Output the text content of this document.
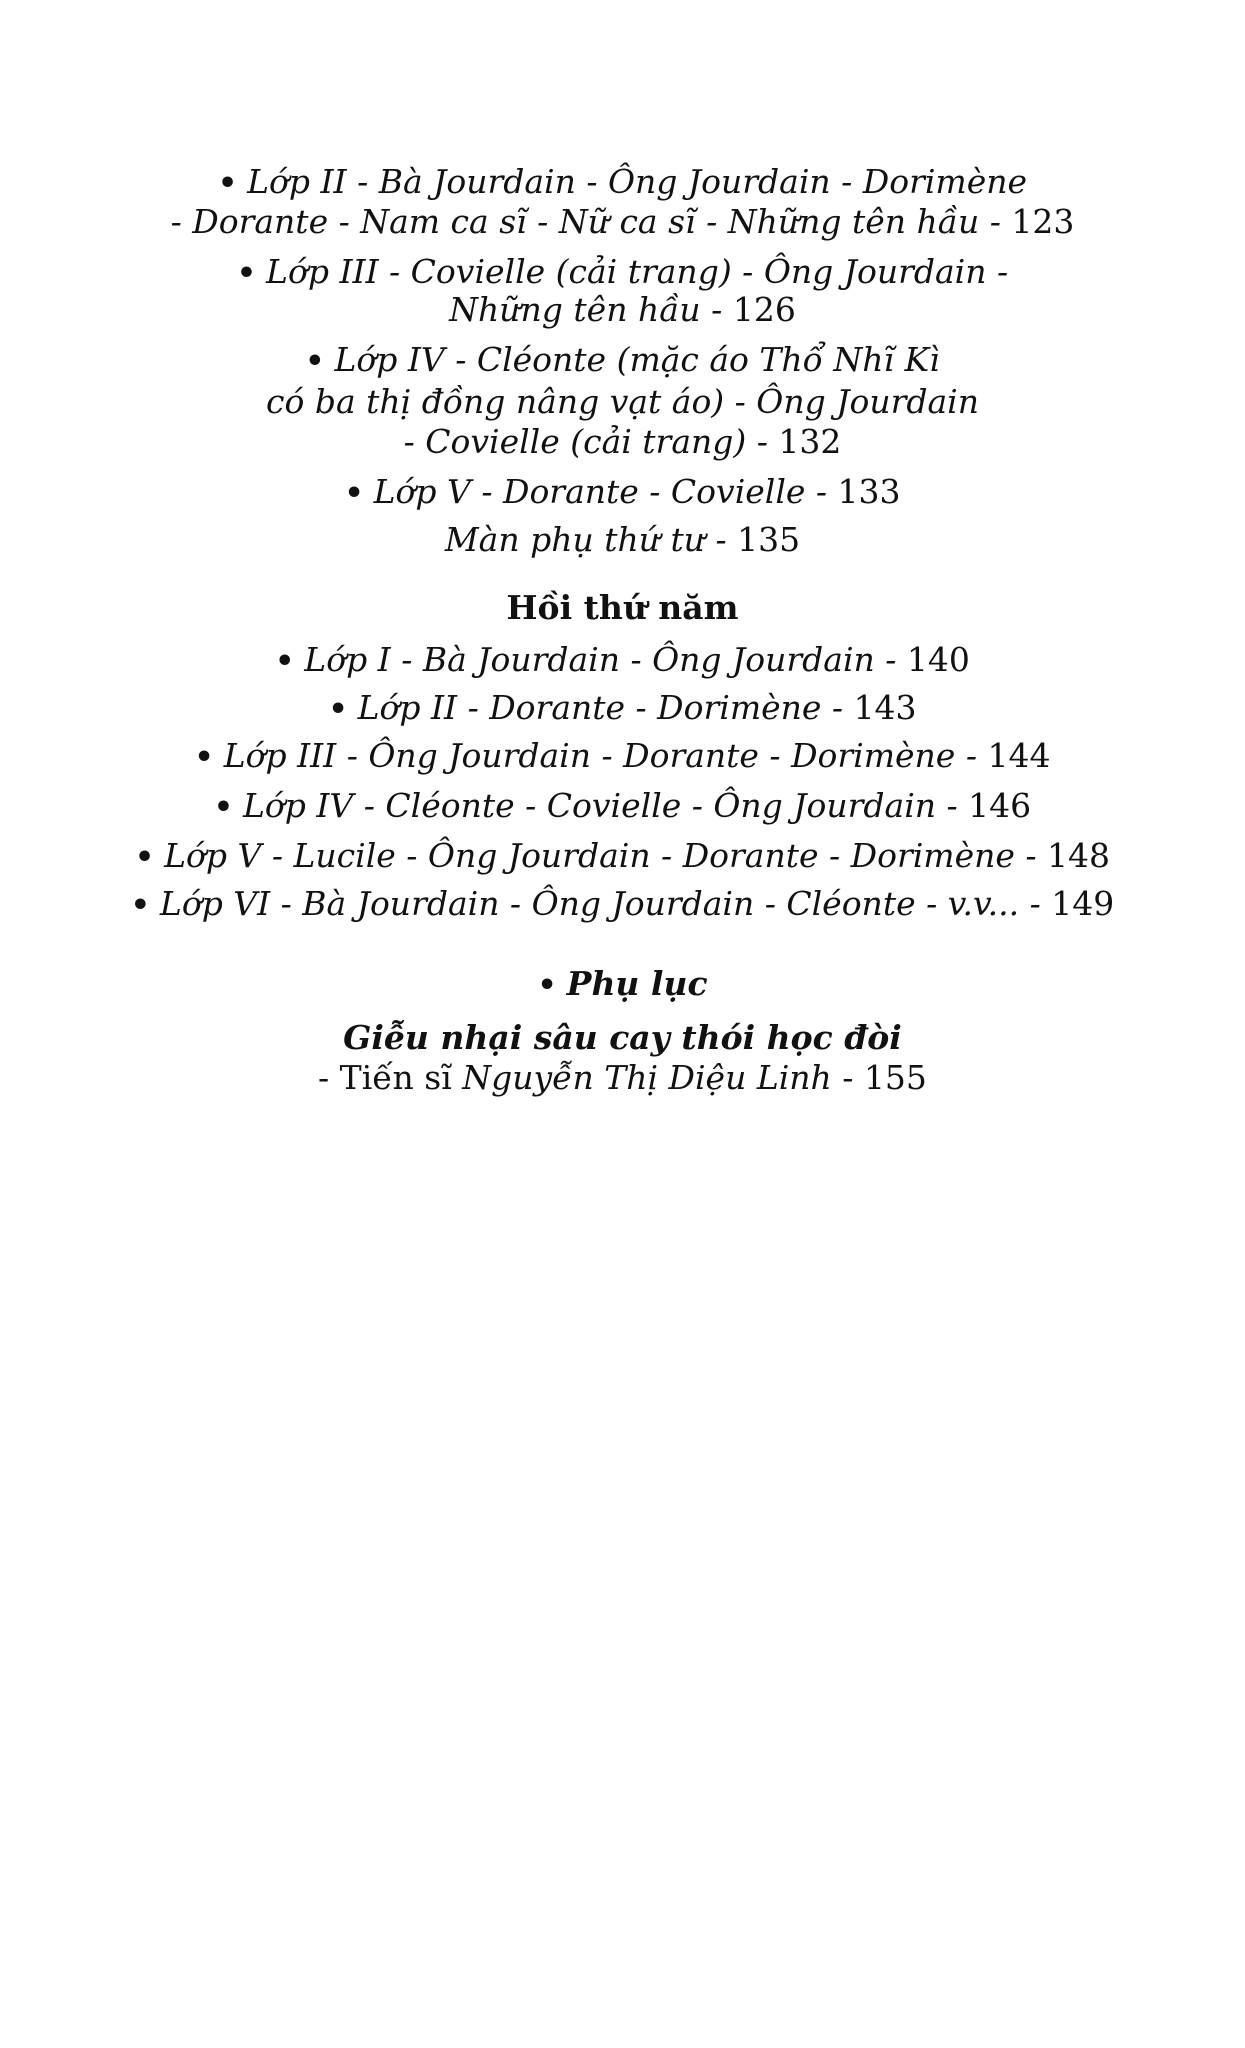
• Lớp II - Bà Jourdain - Ông Jourdain - Dorimène
- Dorante - Nam ca sĩ - Nữ ca sĩ - Những tên hầu - 123
• Lớp III - Covielle (cải trang) - Ông Jourdain -
Những tên hầu - 126
• Lớp IV - Cléonte (mặc áo Thổ Nhĩ Kì
có ba thị đồng nâng vạt áo) - Ông Jourdain
- Covielle (cải trang) - 132
• Lớp V - Dorante - Covielle - 133
Màn phụ thứ tư - 135
Hồi thứ năm
• Lớp I - Bà Jourdain - Ông Jourdain - 140
• Lớp II - Dorante - Dorimène - 143
• Lớp III - Ông Jourdain - Dorante - Dorimène - 144
• Lớp IV - Cléonte - Covielle - Ông Jourdain - 146
• Lớp V - Lucile - Ông Jourdain - Dorante - Dorimène - 148
• Lớp VI - Bà Jourdain - Ông Jourdain - Cléonte - v.v... - 149
• Phụ lục
Giễu nhại sâu cay thói học đòi
- Tiến sĩ Nguyễn Thị Diệu Linh - 155
